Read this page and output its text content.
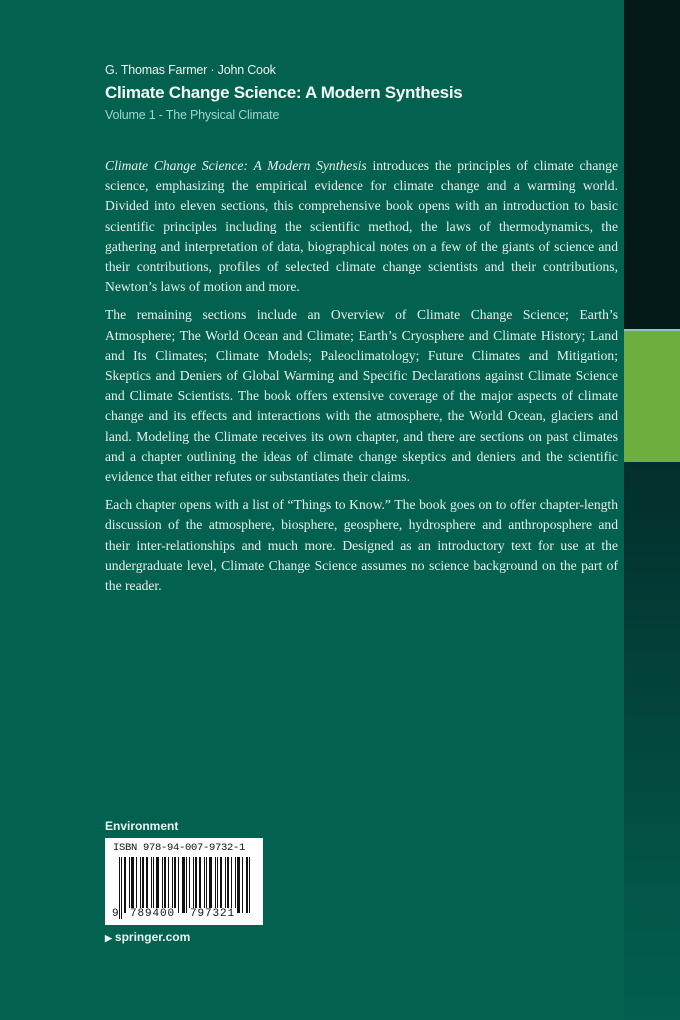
G. Thomas Farmer · John Cook
Climate Change Science: A Modern Synthesis
Volume 1 - The Physical Climate

Climate Change Science: A Modern Synthesis introduces the principles of climate change science, emphasizing the empirical evidence for climate change and a warming world. Divided into eleven sections, this comprehensive book opens with an introduction to basic scientific principles including the scientific method, the laws of thermodynamics, the gathering and interpretation of data, biographical notes on a few of the giants of science and their contributions, profiles of selected climate change scientists and their contributions, Newton’s laws of motion and more.

The remaining sections include an Overview of Climate Change Science; Earth’s Atmosphere; The World Ocean and Climate; Earth’s Cryosphere and Climate History; Land and Its Climates; Climate Models; Paleoclimatology; Future Climates and Mitigation; Skeptics and Deniers of Global Warming and Specific Declarations against Climate Science and Climate Scientists. The book offers extensive coverage of the major aspects of climate change and its effects and interactions with the atmosphere, the World Ocean, glaciers and land. Modeling the Climate receives its own chapter, and there are sections on past climates and a chapter outlining the ideas of climate change skeptics and deniers and the scientific evidence that either refutes or substantiates their claims.

Each chapter opens with a list of “Things to Know.” The book goes on to offer chapter-length discussion of the atmosphere, biosphere, geosphere, hydrosphere and anthroposphere and their inter-relationships and much more. Designed as an introductory text for use at the undergraduate level, Climate Change Science assumes no science background on the part of the reader.

Environment
ISBN 978-94-007-9732-1
9 789400 797321
▶ springer.com
